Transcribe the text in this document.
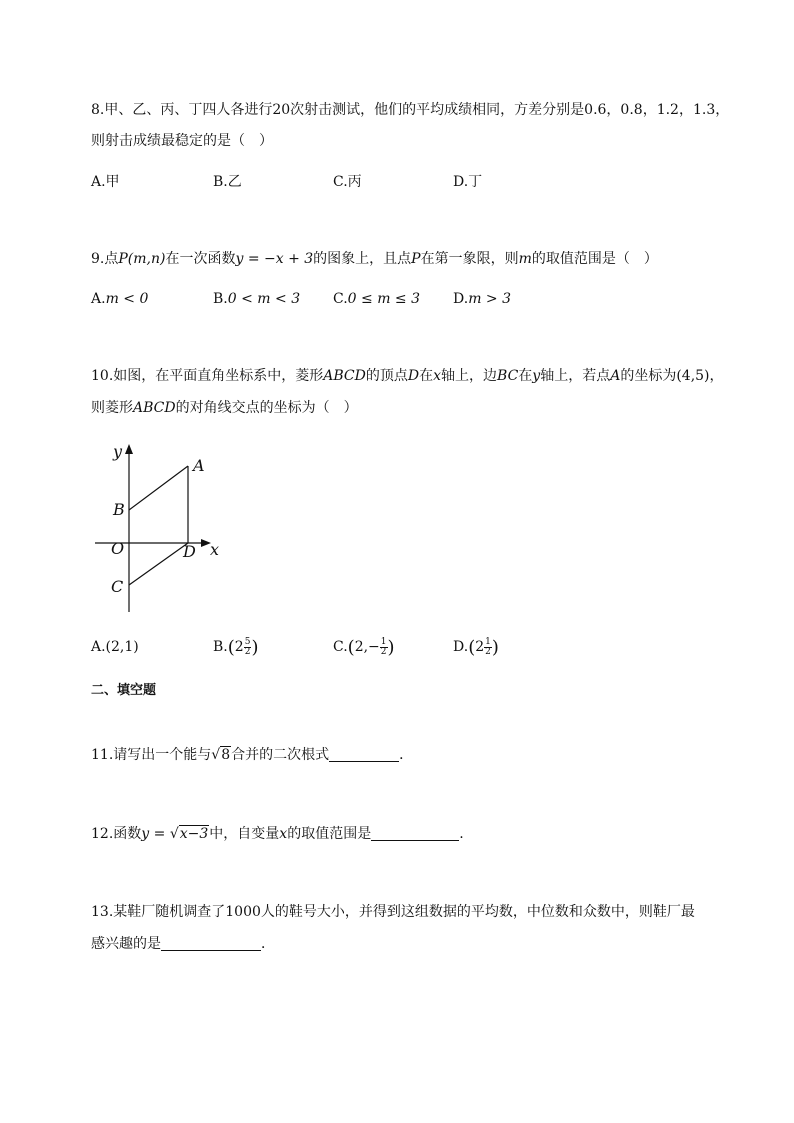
8.甲、乙、丙、丁四人各进行20次射击测试，他们的平均成绩相同，方差分别是0.6，0.8，1.2，1.3，
则射击成绩最稳定的是（　）
A.甲	B.乙	C.丙	D.丁
9.点P(m,n)在一次函数y = −x + 3的图象上，且点P在第一象限，则m的取值范围是（　）
A.m < 0	B.0 < m < 3 C.0 ≤ m ≤ 3 D.m > 3
10.如图，在平面直角坐标系中，菱形ABCD的顶点D在x轴上，边BC在y轴上，若点A的坐标为(4,5)，
则菱形ABCD的对角线交点的坐标为（　）
y
A
B
O	D x
C
A.(2,1)	$B.(2 \frac{5}{2}$ )	$C.(2,- \frac{1}{2}$ )	$D.(2 \frac{1}{2}$ )
二、填空题
11.请写出一个能与√8合并的二次根式	．
12.函数y = √x−3中，自变量x的取值范围是	.
13.某鞋厂随机调查了1000人的鞋号大小，并得到这组数据的平均数，中位数和众数中，则鞋厂最
感兴趣的是	．
